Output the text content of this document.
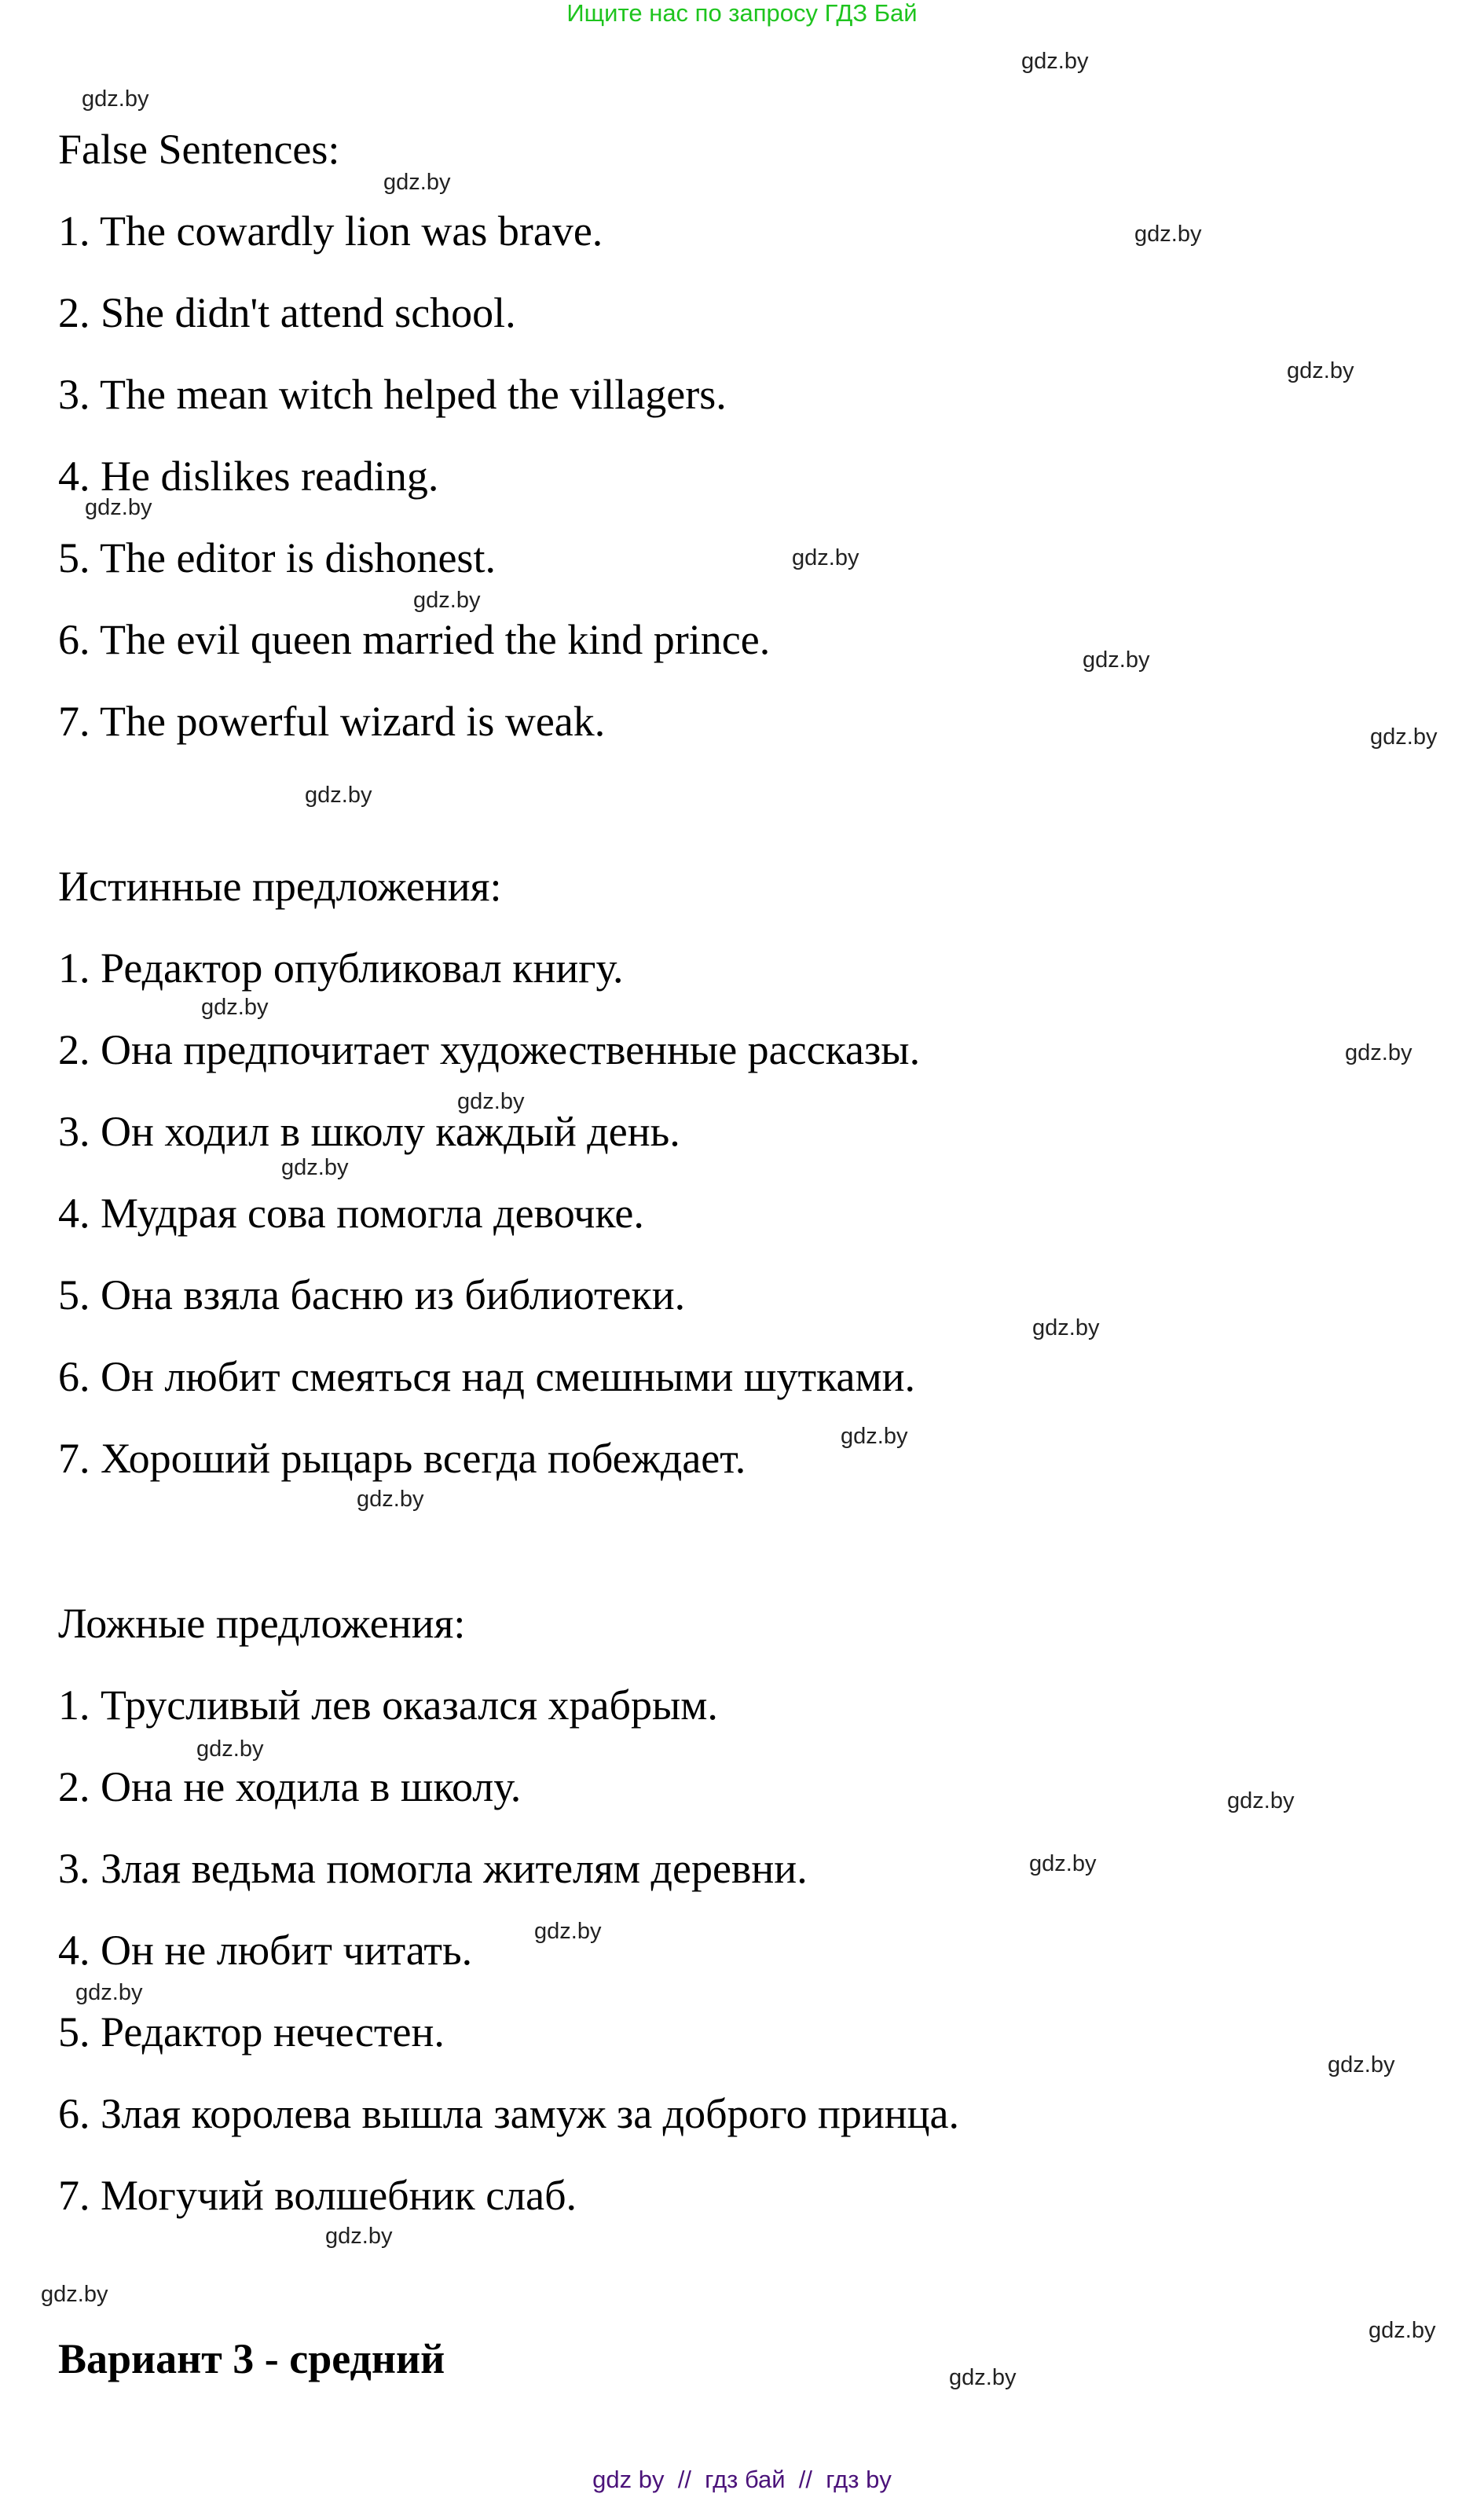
Ищите нас по запросу ГДЗ Бай
False Sentences:
1. The cowardly lion was brave.
2. She didn't attend school.
3. The mean witch helped the villagers.
4. He dislikes reading.
5. The editor is dishonest.
6. The evil queen married the kind prince.
7. The powerful wizard is weak.
Истинные предложения:
1. Редактор опубликовал книгу.
2. Она предпочитает художественные рассказы.
3. Он ходил в школу каждый день.
4. Мудрая сова помогла девочке.
5. Она взяла басню из библиотеки.
6. Он любит смеяться над смешными шутками.
7. Хороший рыцарь всегда побеждает.
Ложные предложения:
1. Трусливый лев оказался храбрым.
2. Она не ходила в школу.
3. Злая ведьма помогла жителям деревни.
4. Он не любит читать.
5. Редактор нечестен.
6. Злая королева вышла замуж за доброго принца.
7. Могучий волшебник слаб.
Вариант 3 - средний
gdz.by
gdz.by
gdz.by
gdz.by
gdz.by
gdz.by
gdz.by
gdz.by
gdz.by
gdz.by
gdz.by
gdz.by
gdz.by
gdz.by
gdz.by
gdz.by
gdz.by
gdz.by
gdz.by
gdz.by
gdz.by
gdz.by
gdz.by
gdz.by
gdz.by
gdz.by
gdz.by
gdz.by
gdz by  //  гдз бай  //  гдз by
